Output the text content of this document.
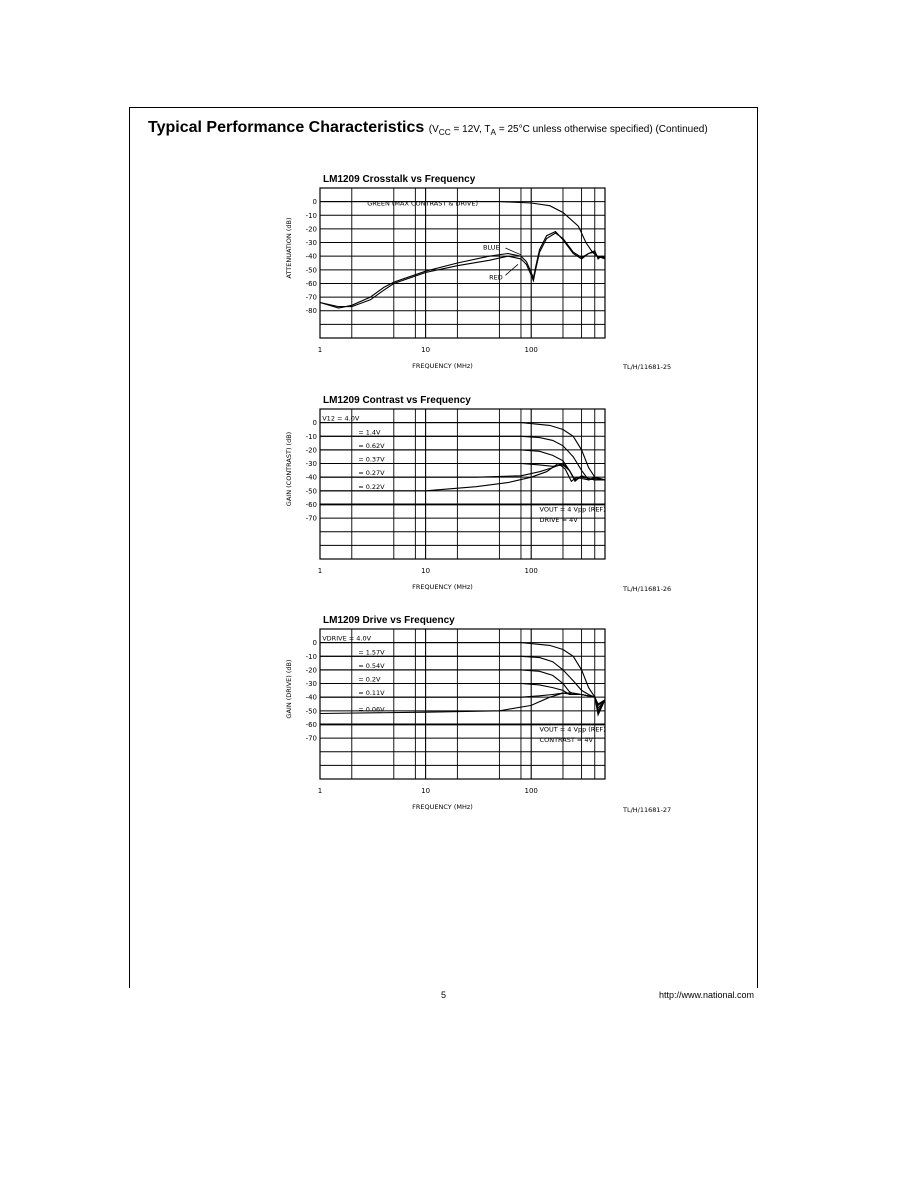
Typical Performance Characteristics ($V_{CC} = 12V$, $T_A = 25^\circ C$ unless otherwise specified) (Continued)
LM1209 Crosstalk vs Frequency
0
-10
-20
-30
-40
-50
-60
-70
-80
1	10	100
FREQUENCY (MHz)
ATTENUATION (dB)
GREEN (MAX CONTRAST & DRIVE)
BLUE
RED
TL/H/11681-25
LM1209 Contrast vs Frequency
0
-10
-20
-30
-40
-50
-60
-70
1	10	100
FREQUENCY (MHz)
GAIN (CONTRAST) (dB)
V12 = 4.0V
= 1.4V
= 0.62V
= 0.37V
= 0.27V
= 0.22V
VOUT = 4 Vpp (REF)
DRIVE = 4V
TL/H/11681-26
LM1209 Drive vs Frequency
0
-10
-20
-30
-40
-50
-60
-70
1	10	100
FREQUENCY (MHz)
GAIN (DRIVE) (dB)
VDRIVE = 4.0V
= 1.57V
= 0.54V
= 0.2V
= 0.11V
= 0.06V
VOUT = 4 Vpp (REF)
CONTRAST = 4V
TL/H/11681-27
5	http://www.national.com
